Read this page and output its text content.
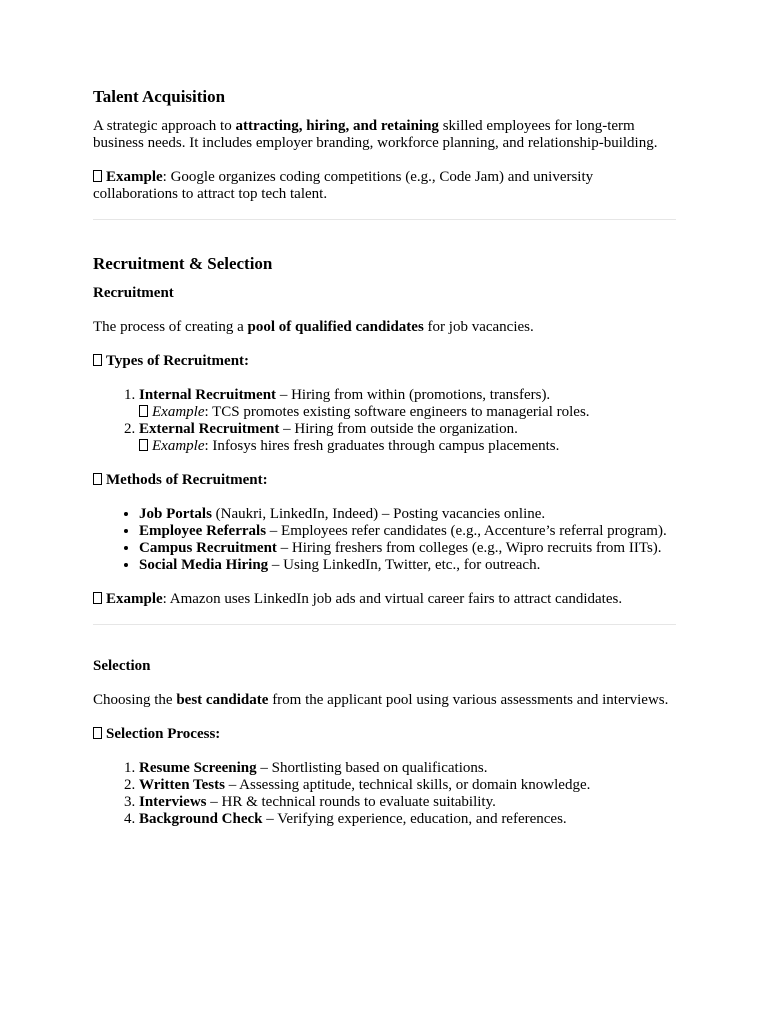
Talent Acquisition

A strategic approach to attracting, hiring, and retaining skilled employees for long-term business needs. It includes employer branding, workforce planning, and relationship-building.

Example: Google organizes coding competitions (e.g., Code Jam) and university collaborations to attract top tech talent.

Recruitment & Selection
Recruitment

The process of creating a pool of qualified candidates for job vacancies.

Types of Recruitment:

1. Internal Recruitment – Hiring from within (promotions, transfers).
Example: TCS promotes existing software engineers to managerial roles.
2. External Recruitment – Hiring from outside the organization.
Example: Infosys hires fresh graduates through campus placements.

Methods of Recruitment:

• Job Portals (Naukri, LinkedIn, Indeed) – Posting vacancies online.
• Employee Referrals – Employees refer candidates (e.g., Accenture’s referral program).
• Campus Recruitment – Hiring freshers from colleges (e.g., Wipro recruits from IITs).
• Social Media Hiring – Using LinkedIn, Twitter, etc., for outreach.

Example: Amazon uses LinkedIn job ads and virtual career fairs to attract candidates.

Selection

Choosing the best candidate from the applicant pool using various assessments and interviews.

Selection Process:

1. Resume Screening – Shortlisting based on qualifications.
2. Written Tests – Assessing aptitude, technical skills, or domain knowledge.
3. Interviews – HR & technical rounds to evaluate suitability.
4. Background Check – Verifying experience, education, and references.
